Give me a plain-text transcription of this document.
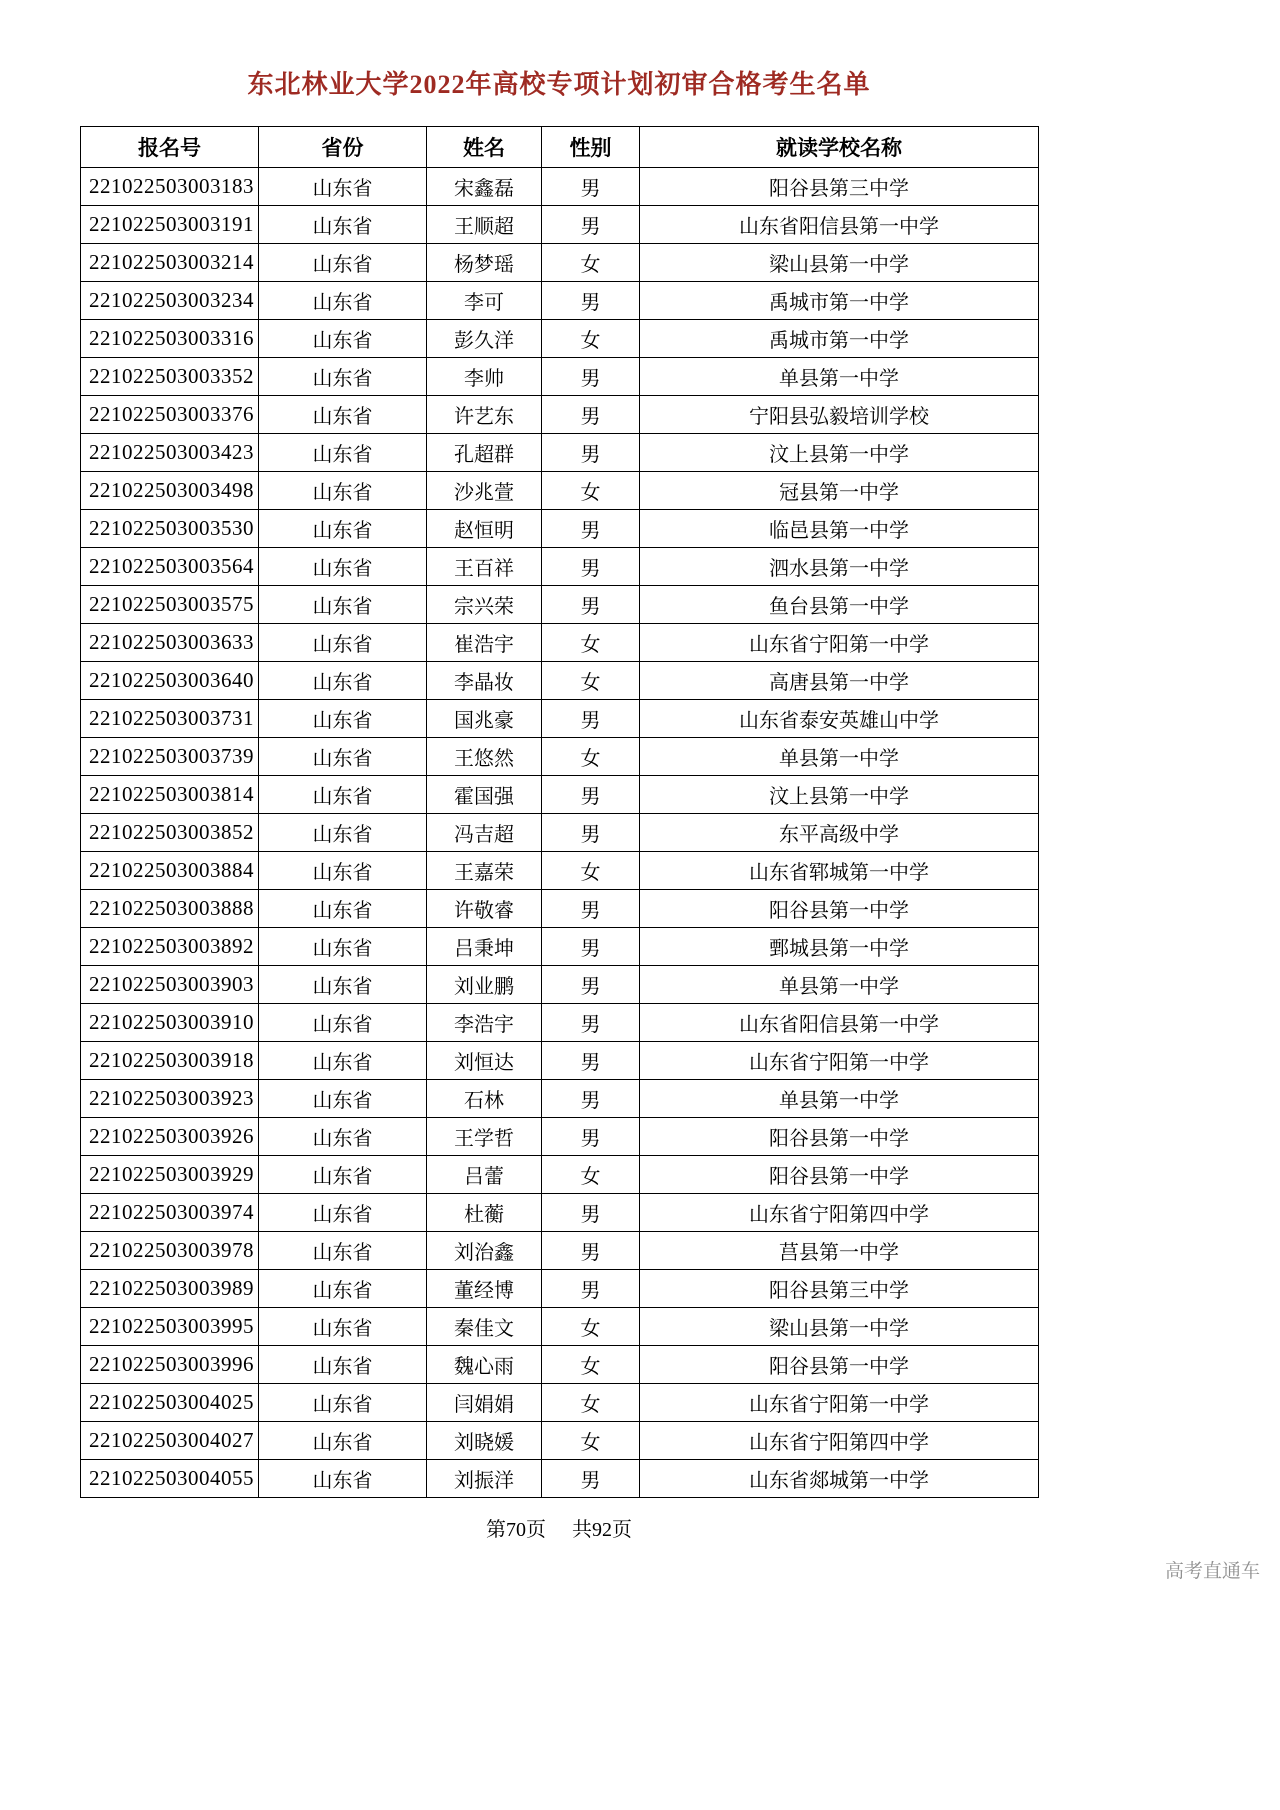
东北林业大学2022年高校专项计划初审合格考生名单
报名号	省份	姓名	性别	就读学校名称
221022503003183	山东省	宋鑫磊	男	阳谷县第三中学
221022503003191	山东省	王顺超	男	山东省阳信县第一中学
221022503003214	山东省	杨梦瑶	女	梁山县第一中学
221022503003234	山东省	李可	男	禹城市第一中学
221022503003316	山东省	彭久洋	女	禹城市第一中学
221022503003352	山东省	李帅	男	单县第一中学
221022503003376	山东省	许艺东	男	宁阳县弘毅培训学校
221022503003423	山东省	孔超群	男	汶上县第一中学
221022503003498	山东省	沙兆萱	女	冠县第一中学
221022503003530	山东省	赵恒明	男	临邑县第一中学
221022503003564	山东省	王百祥	男	泗水县第一中学
221022503003575	山东省	宗兴荣	男	鱼台县第一中学
221022503003633	山东省	崔浩宇	女	山东省宁阳第一中学
221022503003640	山东省	李晶妆	女	高唐县第一中学
221022503003731	山东省	国兆豪	男	山东省泰安英雄山中学
221022503003739	山东省	王悠然	女	单县第一中学
221022503003814	山东省	霍国强	男	汶上县第一中学
221022503003852	山东省	冯吉超	男	东平高级中学
221022503003884	山东省	王嘉荣	女	山东省郓城第一中学
221022503003888	山东省	许敬睿	男	阳谷县第一中学
221022503003892	山东省	吕秉坤	男	鄄城县第一中学
221022503003903	山东省	刘业鹏	男	单县第一中学
221022503003910	山东省	李浩宇	男	山东省阳信县第一中学
221022503003918	山东省	刘恒达	男	山东省宁阳第一中学
221022503003923	山东省	石林	男	单县第一中学
221022503003926	山东省	王学哲	男	阳谷县第一中学
221022503003929	山东省	吕蕾	女	阳谷县第一中学
221022503003974	山东省	杜蘅	男	山东省宁阳第四中学
221022503003978	山东省	刘治鑫	男	莒县第一中学
221022503003989	山东省	董经博	男	阳谷县第三中学
221022503003995	山东省	秦佳文	女	梁山县第一中学
221022503003996	山东省	魏心雨	女	阳谷县第一中学
221022503004025	山东省	闫娟娟	女	山东省宁阳第一中学
221022503004027	山东省	刘晓媛	女	山东省宁阳第四中学
221022503004055	山东省	刘振洋	男	山东省郯城第一中学
第70页 共92页
高考直通车
